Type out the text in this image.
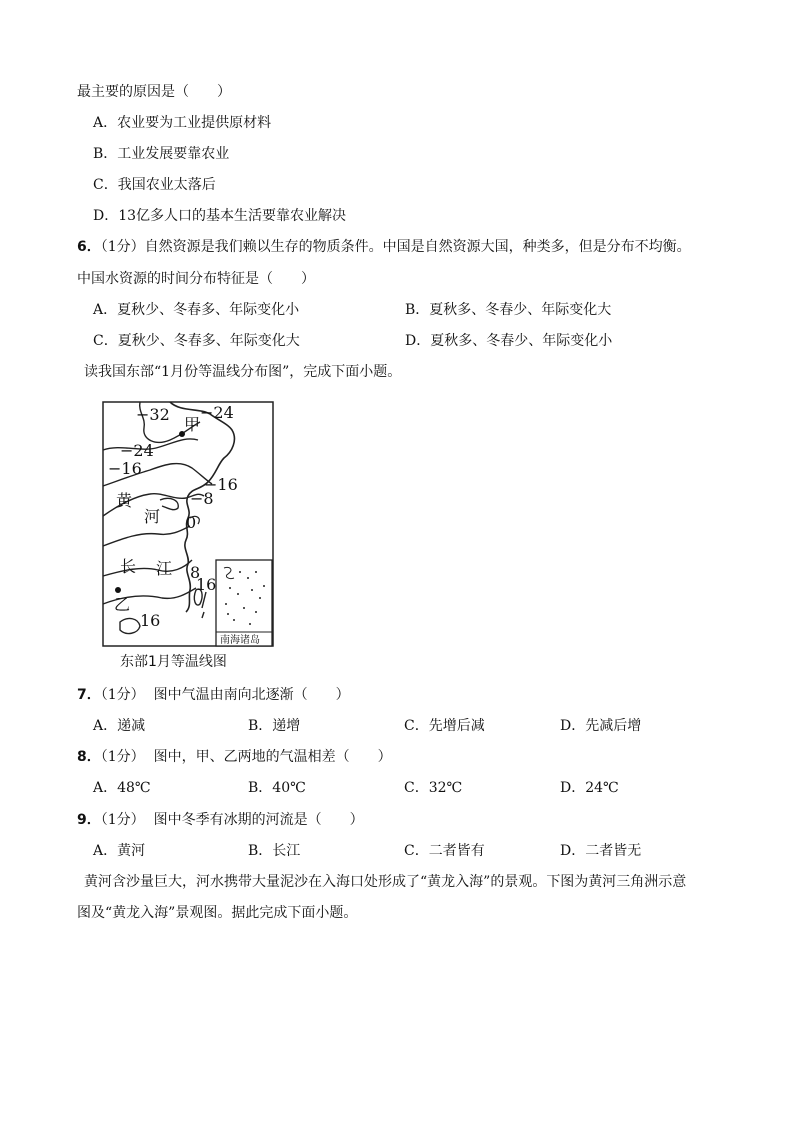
最主要的原因是（　　）
A．农业要为工业提供原材料
B．工业发展要靠农业
C．我国农业太落后
D．13亿多人口的基本生活要靠农业解决
6．（1分）自然资源是我们赖以生存的物质条件。中国是自然资源大国，种类多，但是分布不均衡。
中国水资源的时间分布特征是（　　）
A．夏秋少、冬春多、年际变化小	B．夏秋多、冬春少、年际变化大
C．夏秋少、冬春多、年际变化大	D．夏秋多、冬春少、年际变化小
读我国东部“1月份等温线分布图”，完成下面小题。
−32 −24
甲
−24
−16
−16
−8
黄
河 0
长 江 8
16
乙
16
南海诸岛
东部1月等温线图
7．（1分） 图中气温由南向北逐渐（　　）
A．递减	B．递增	C．先增后减	D．先减后增
8．（1分） 图中，甲、乙两地的气温相差（　　）
A．48℃	B．40℃	C．32℃	D．24℃
9．（1分） 图中冬季有冰期的河流是（　　）
A．黄河	B．长江	C．二者皆有	D．二者皆无
黄河含沙量巨大，河水携带大量泥沙在入海口处形成了“黄龙入海”的景观。下图为黄河三角洲示意
图及“黄龙入海”景观图。据此完成下面小题。
